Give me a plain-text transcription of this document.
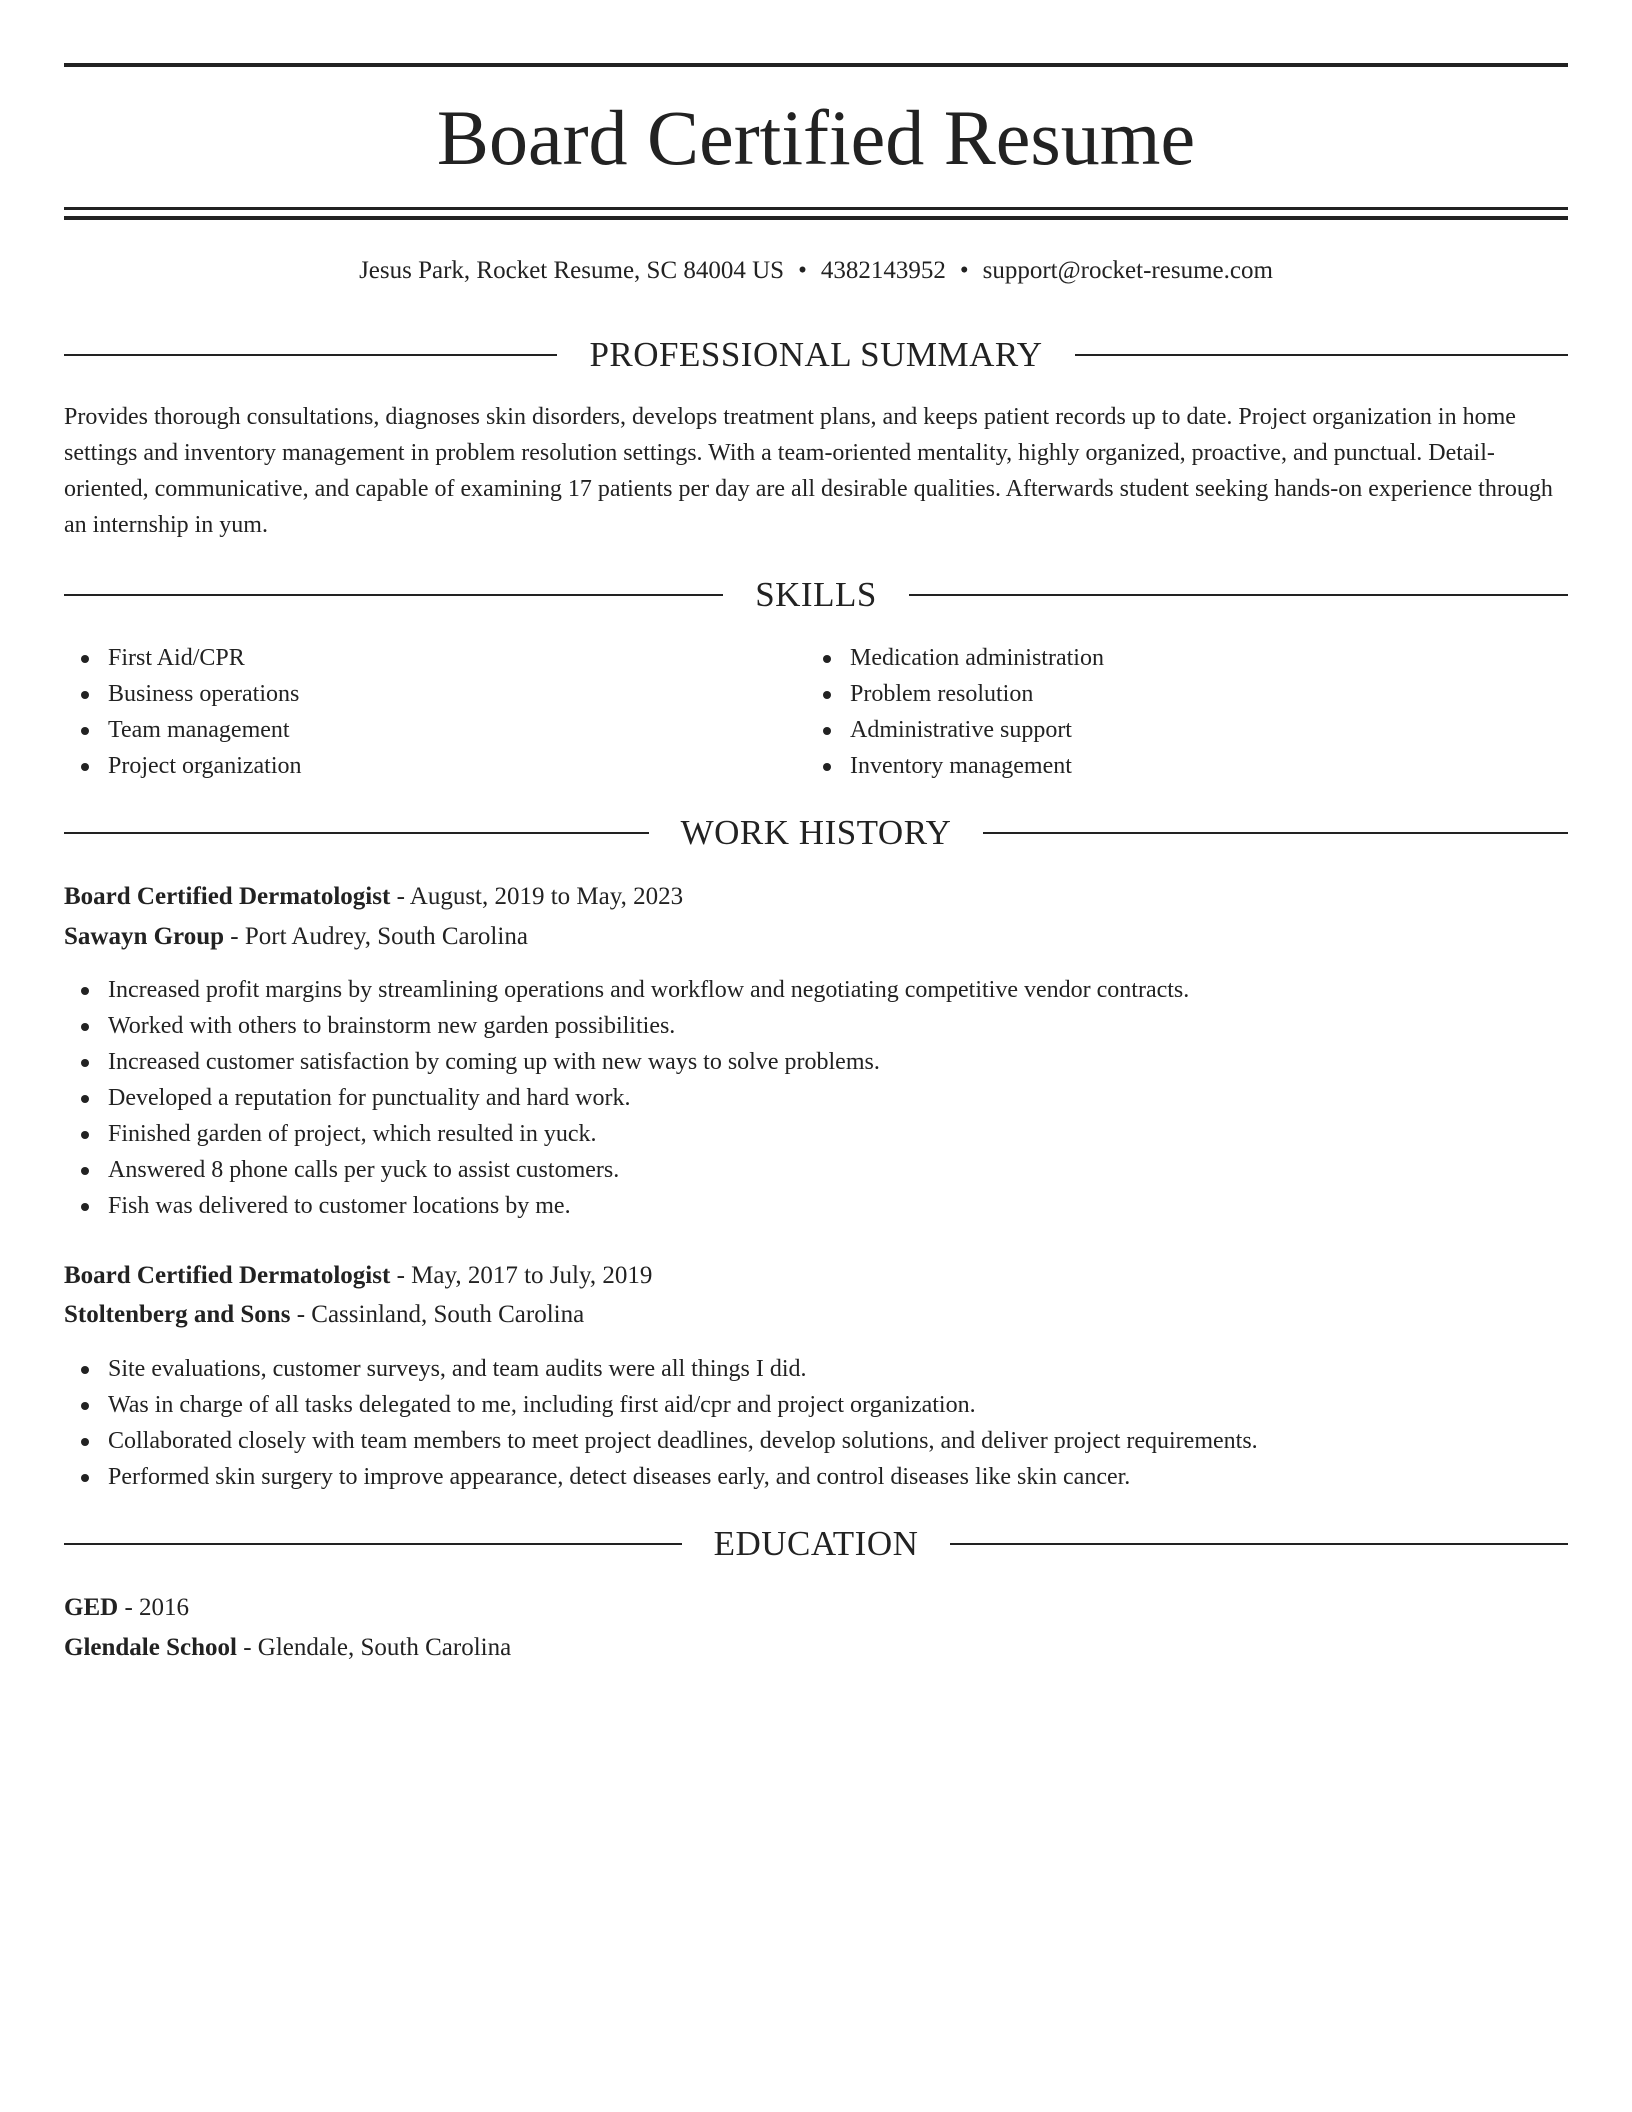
Board Certified Resume
Jesus Park, Rocket Resume, SC 84004 US • 4382143952 • support@rocket-resume.com
PROFESSIONAL SUMMARY

Provides thorough consultations, diagnoses skin disorders, develops treatment plans, and keeps patient records up to date. Project organization in home settings and inventory management in problem resolution settings. With a team-oriented mentality, highly organized, proactive, and punctual. Detail-oriented, communicative, and capable of examining 17 patients per day are all desirable qualities. Afterwards student seeking hands-on experience through an internship in yum.

SKILLS
First Aid/CPR
Business operations
Team management
Project organization
Medication administration
Problem resolution
Administrative support
Inventory management
WORK HISTORY
Board Certified Dermatologist - August, 2019 to May, 2023
Sawayn Group - Port Audrey, South Carolina
Increased profit margins by streamlining operations and workflow and negotiating competitive vendor contracts.
Worked with others to brainstorm new garden possibilities.
Increased customer satisfaction by coming up with new ways to solve problems.
Developed a reputation for punctuality and hard work.
Finished garden of project, which resulted in yuck.
Answered 8 phone calls per yuck to assist customers.
Fish was delivered to customer locations by me.
Board Certified Dermatologist - May, 2017 to July, 2019
Stoltenberg and Sons - Cassinland, South Carolina
Site evaluations, customer surveys, and team audits were all things I did.
Was in charge of all tasks delegated to me, including first aid/cpr and project organization.
Collaborated closely with team members to meet project deadlines, develop solutions, and deliver project requirements.
Performed skin surgery to improve appearance, detect diseases early, and control diseases like skin cancer.
EDUCATION
GED - 2016
Glendale School - Glendale, South Carolina
